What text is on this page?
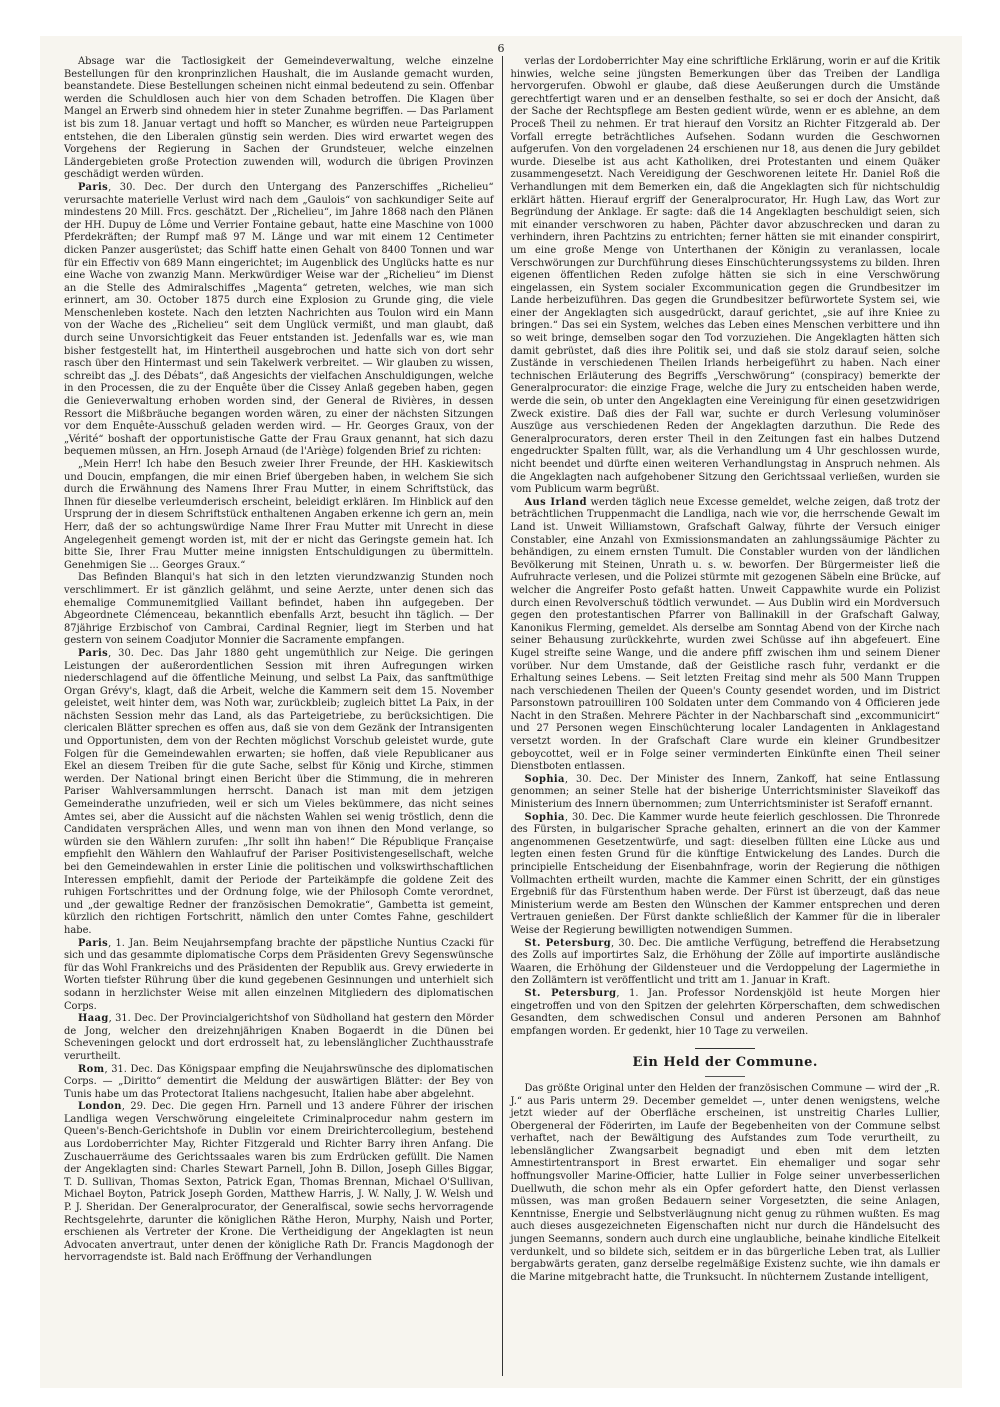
6

Absage war die Tactlosigkeit der Gemeindeverwaltung, welche einzelne Bestellungen für den kronprinzlichen Haushalt, die im Auslande gemacht wurden, beanstandete. Diese Bestellungen scheinen nicht einmal bedeutend zu sein. Offenbar werden die Schuldlosen auch hier von dem Schaden betroffen. Die Klagen über Mangel an Erwerb sind ohnedem hier in steter Zunahme begriffen. — Das Parlament ist bis zum 18. Januar vertagt und hofft so Mancher, es würden neue Parteigruppen entstehen, die den Liberalen günstig sein werden. Dies wird erwartet wegen des Vorgehens der Regierung in Sachen der Grundsteuer, welche einzelnen Ländergebieten große Protection zuwenden will, wodurch die übrigen Provinzen geschädigt werden würden.

Paris, 30. Dec. Der durch den Untergang des Panzerschiffes „Richelieu“ verursachte materielle Verlust wird nach dem „Gaulois“ von sachkundiger Seite auf mindestens 20 Mill. Frcs. geschätzt. Der „Richelieu“, im Jahre 1868 nach den Plänen der HH. Dupuy de Lôme und Verrier Fontaine gebaut, hatte eine Maschine von 1000 Pferdekräften; der Rumpf maß 97 M. Länge und war mit einem 12 Centimeter dicken Panzer ausgerüstet; das Schiff hatte einen Gehalt von 8400 Tonnen und war für ein Effectiv von 689 Mann eingerichtet; im Augenblick des Unglücks hatte es nur eine Wache von zwanzig Mann. Merkwürdiger Weise war der „Richelieu“ im Dienst an die Stelle des Admiralschiffes „Magenta“ getreten, welches, wie man sich erinnert, am 30. October 1875 durch eine Explosion zu Grunde ging, die viele Menschenleben kostete. Nach den letzten Nachrichten aus Toulon wird ein Mann von der Wache des „Richelieu“ seit dem Unglück vermißt, und man glaubt, daß durch seine Unvorsichtigkeit das Feuer entstanden ist. Jedenfalls war es, wie man bisher festgestellt hat, im Hintertheil ausgebrochen und hatte sich von dort sehr rasch über den Hintermast und sein Takelwerk verbreitet. — Wir glauben zu wissen, schreibt das „J. des Débats“, daß Angesichts der vielfachen Anschuldigungen, welche in den Processen, die zu der Enquête über die Cissey Anlaß gegeben haben, gegen die Genieverwaltung erhoben worden sind, der General de Rivières, in dessen Ressort die Mißbräuche begangen worden wären, zu einer der nächsten Sitzungen vor dem Enquête-Ausschuß geladen werden wird. — Hr. Georges Graux, von der „Vérité“ boshaft der opportunistische Gatte der Frau Graux genannt, hat sich dazu bequemen müssen, an Hrn. Joseph Arnaud (de l'Ariège) folgenden Brief zu richten:

„Mein Herr! Ich habe den Besuch zweier Ihrer Freunde, der HH. Kaskiewitsch und Doucin, empfangen, die mir einen Brief übergeben haben, in welchem Sie sich durch die Erwähnung des Namens Ihrer Frau Mutter, in einem Schriftstück, das Ihnen für dieselbe verleumderisch erscheint, beleidigt erklären. Im Hinblick auf den Ursprung der in diesem Schriftstück enthaltenen Angaben erkenne ich gern an, mein Herr, daß der so achtungswürdige Name Ihrer Frau Mutter mit Unrecht in diese Angelegenheit gemengt worden ist, mit der er nicht das Geringste gemein hat. Ich bitte Sie, Ihrer Frau Mutter meine innigsten Entschuldigungen zu übermitteln. Genehmigen Sie ... Georges Graux.“

Das Befinden Blanqui's hat sich in den letzten vierundzwanzig Stunden noch verschlimmert. Er ist gänzlich gelähmt, und seine Aerzte, unter denen sich das ehemalige Communemitglied Vaillant befindet, haben ihn aufgegeben. Der Abgeordnete Clémenceau, bekanntlich ebenfalls Arzt, besucht ihn täglich. — Der 87jährige Erzbischof von Cambrai, Cardinal Regnier, liegt im Sterben und hat gestern von seinem Coadjutor Monnier die Sacramente empfangen.

Paris, 30. Dec. Das Jahr 1880 geht ungemüthlich zur Neige. Die geringen Leistungen der außerordentlichen Session mit ihren Aufregungen wirken niederschlagend auf die öffentliche Meinung, und selbst La Paix, das sanftmüthige Organ Grévy's, klagt, daß die Arbeit, welche die Kammern seit dem 15. November geleistet, weit hinter dem, was Noth war, zurückbleib; zugleich bittet La Paix, in der nächsten Session mehr das Land, als das Parteigetriebe, zu berücksichtigen. Die clericalen Blätter sprechen es offen aus, daß sie von dem Gezänk der Intransigenten und Opportunisten, dem von der Rechten möglichst Vorschub geleistet wurde, gute Folgen für die Gemeindewahlen erwarten; sie hoffen, daß viele Republicaner aus Ekel an diesem Treiben für die gute Sache, selbst für König und Kirche, stimmen werden. Der National bringt einen Bericht über die Stimmung, die in mehreren Pariser Wahlversammlungen herrscht. Danach ist man mit dem jetzigen Gemeinderathe unzufrieden, weil er sich um Vieles bekümmere, das nicht seines Amtes sei, aber die Aussicht auf die nächsten Wahlen sei wenig tröstlich, denn die Candidaten versprächen Alles, und wenn man von ihnen den Mond verlange, so würden sie den Wählern zurufen: „Ihr sollt ihn haben!“ Die République Française empfiehlt den Wählern den Wahlaufruf der Pariser Positivistengesellschaft, welche bei den Gemeindewahlen in erster Linie die politischen und volkswirthschaftlichen Interessen empfiehlt, damit der Periode der Parteikämpfe die goldene Zeit des ruhigen Fortschrittes und der Ordnung folge, wie der Philosoph Comte verordnet, und „der gewaltige Redner der französischen Demokratie“, Gambetta ist gemeint, kürzlich den richtigen Fortschritt, nämlich den unter Comtes Fahne, geschildert habe.

Paris, 1. Jan. Beim Neujahrsempfang brachte der päpstliche Nuntius Czacki für sich und das gesammte diplomatische Corps dem Präsidenten Grevy Segenswünsche für das Wohl Frankreichs und des Präsidenten der Republik aus. Grevy erwiederte in Worten tiefster Rührung über die kund gegebenen Gesinnungen und unterhielt sich sodann in herzlichster Weise mit allen einzelnen Mitgliedern des diplomatischen Corps.

Haag, 31. Dec. Der Provincialgerichtshof von Südholland hat gestern den Mörder de Jong, welcher den dreizehnjährigen Knaben Bogaerdt in die Dünen bei Scheveningen gelockt und dort erdrosselt hat, zu lebenslänglicher Zuchthausstrafe verurtheilt.

Rom, 31. Dec. Das Königspaar empfing die Neujahrswünsche des diplomatischen Corps. — „Diritto“ dementirt die Meldung der auswärtigen Blätter: der Bey von Tunis habe um das Protectorat Italiens nachgesucht, Italien habe aber abgelehnt.

London, 29. Dec. Die gegen Hrn. Parnell und 13 andere Führer der irischen Landliga wegen Verschwörung eingeleitete Criminalprocedur nahm gestern im Queen's-Bench-Gerichtshofe in Dublin vor einem Dreirichtercollegium, bestehend aus Lordoberrichter May, Richter Fitzgerald und Richter Barry ihren Anfang. Die Zuschauerräume des Gerichtssaales waren bis zum Erdrücken gefüllt. Die Namen der Angeklagten sind: Charles Stewart Parnell, John B. Dillon, Joseph Gilles Biggar, T. D. Sullivan, Thomas Sexton, Patrick Egan, Thomas Brennan, Michael O'Sullivan, Michael Boyton, Patrick Joseph Gorden, Matthew Harris, J. W. Nally, J. W. Welsh und P. J. Sheridan. Der Generalprocurator, der Generalfiscal, sowie sechs hervorragende Rechtsgelehrte, darunter die königlichen Räthe Heron, Murphy, Naish und Porter, erschienen als Vertreter der Krone. Die Vertheidigung der Angeklagten ist neun Advocaten anvertraut, unter denen der königliche Rath Dr. Francis Magdonogh der hervorragendste ist. Bald nach Eröffnung der Verhandlungen

verlas der Lordoberrichter May eine schriftliche Erklärung, worin er auf die Kritik hinwies, welche seine jüngsten Bemerkungen über das Treiben der Landliga hervorgerufen. Obwohl er glaube, daß diese Aeußerungen durch die Umstände gerechtfertigt waren und er an denselben festhalte, so sei er doch der Ansicht, daß der Sache der Rechtspflege am Besten gedient würde, wenn er es ablehne, an dem Proceß Theil zu nehmen. Er trat hierauf den Vorsitz an Richter Fitzgerald ab. Der Vorfall erregte beträchtliches Aufsehen. Sodann wurden die Geschwornen aufgerufen. Von den vorgeladenen 24 erschienen nur 18, aus denen die Jury gebildet wurde. Dieselbe ist aus acht Katholiken, drei Protestanten und einem Quäker zusammengesetzt. Nach Vereidigung der Geschworenen leitete Hr. Daniel Roß die Verhandlungen mit dem Bemerken ein, daß die Angeklagten sich für nichtschuldig erklärt hätten. Hierauf ergriff der Generalprocurator, Hr. Hugh Law, das Wort zur Begründung der Anklage. Er sagte: daß die 14 Angeklagten beschuldigt seien, sich mit einander verschworen zu haben, Pächter davor abzuschrecken und daran zu verhindern, ihren Pachtzins zu entrichten; ferner hätten sie mit einander conspirirt, um eine große Menge von Unterthanen der Königin zu veranlassen, locale Verschwörungen zur Durchführung dieses Einschüchterungssystems zu bilden. Ihren eigenen öffentlichen Reden zufolge hätten sie sich in eine Verschwörung eingelassen, ein System socialer Excommunication gegen die Grundbesitzer im Lande herbeizuführen. Das gegen die Grundbesitzer befürwortete System sei, wie einer der Angeklagten sich ausgedrückt, darauf gerichtet, „sie auf ihre Kniee zu bringen.“ Das sei ein System, welches das Leben eines Menschen verbittere und ihn so weit bringe, demselben sogar den Tod vorzuziehen. Die Angeklagten hätten sich damit gebrüstet, daß dies ihre Politik sei, und daß sie stolz darauf seien, solche Zustände in verschiedenen Theilen Irlands herbeigeführt zu haben. Nach einer technischen Erläuterung des Begriffs „Verschwörung“ (conspiracy) bemerkte der Generalprocurator: die einzige Frage, welche die Jury zu entscheiden haben werde, werde die sein, ob unter den Angeklagten eine Vereinigung für einen gesetzwidrigen Zweck existire. Daß dies der Fall war, suchte er durch Verlesung voluminöser Auszüge aus verschiedenen Reden der Angeklagten darzuthun. Die Rede des Generalprocurators, deren erster Theil in den Zeitungen fast ein halbes Dutzend engedruckter Spalten füllt, war, als die Verhandlung um 4 Uhr geschlossen wurde, nicht beendet und dürfte einen weiteren Verhandlungstag in Anspruch nehmen. Als die Angeklagten nach aufgehobener Sitzung den Gerichtssaal verließen, wurden sie vom Publicum warm begrüßt.

Aus Irland werden täglich neue Excesse gemeldet, welche zeigen, daß trotz der beträchtlichen Truppenmacht die Landliga, nach wie vor, die herrschende Gewalt im Land ist. Unweit Williamstown, Grafschaft Galway, führte der Versuch einiger Constabler, eine Anzahl von Exmissionsmandaten an zahlungssäumige Pächter zu behändigen, zu einem ernsten Tumult. Die Constabler wurden von der ländlichen Bevölkerung mit Steinen, Unrath u. s. w. beworfen. Der Bürgermeister ließ die Aufruhracte verlesen, und die Polizei stürmte mit gezogenen Säbeln eine Brücke, auf welcher die Angreifer Posto gefaßt hatten. Unweit Cappawhite wurde ein Polizist durch einen Revolverschuß tödtlich verwundet. — Aus Dublin wird ein Mordversuch gegen den protestantischen Pfarrer von Ballinakill in der Grafschaft Galway, Kanonikus Flerming, gemeldet. Als derselbe am Sonntag Abend von der Kirche nach seiner Behausung zurückkehrte, wurden zwei Schüsse auf ihn abgefeuert. Eine Kugel streifte seine Wange, und die andere pfiff zwischen ihm und seinem Diener vorüber. Nur dem Umstande, daß der Geistliche rasch fuhr, verdankt er die Erhaltung seines Lebens. — Seit letzten Freitag sind mehr als 500 Mann Truppen nach verschiedenen Theilen der Queen's County gesendet worden, und im District Parsonstown patrouilliren 100 Soldaten unter dem Commando von 4 Officieren jede Nacht in den Straßen. Mehrere Pächter in der Nachbarschaft sind „excommunicirt“ und 27 Personen wegen Einschüchterung localer Landagenten in Anklagestand versetzt worden. In der Grafschaft Clare wurde ein kleiner Grundbesitzer geboycottet, weil er in Folge seiner verminderten Einkünfte einen Theil seiner Dienstboten entlassen.

Sophia, 30. Dec. Der Minister des Innern, Zankoff, hat seine Entlassung genommen; an seiner Stelle hat der bisherige Unterrichtsminister Slaveikoff das Ministerium des Innern übernommen; zum Unterrichtsminister ist Serafoff ernannt.

Sophia, 30. Dec. Die Kammer wurde heute feierlich geschlossen. Die Thronrede des Fürsten, in bulgarischer Sprache gehalten, erinnert an die von der Kammer angenommenen Gesetzentwürfe, und sagt: dieselben füllten eine Lücke aus und legten einen festen Grund für die künftige Entwickelung des Landes. Durch die principielle Entscheidung der Eisenbahnfrage, worin der Regierung die nöthigen Vollmachten ertheilt wurden, machte die Kammer einen Schritt, der ein günstiges Ergebniß für das Fürstenthum haben werde. Der Fürst ist überzeugt, daß das neue Ministerium werde am Besten den Wünschen der Kammer entsprechen und deren Vertrauen genießen. Der Fürst dankte schließlich der Kammer für die in liberaler Weise der Regierung bewilligten notwendigen Summen.

St. Petersburg, 30. Dec. Die amtliche Verfügung, betreffend die Herabsetzung des Zolls auf importirtes Salz, die Erhöhung der Zölle auf importirte ausländische Waaren, die Erhöhung der Gildensteuer und die Verdoppelung der Lagermiethe in den Zollämtern ist veröffentlicht und tritt am 1. Januar in Kraft.

St. Petersburg, 1. Jan. Professor Nordenskjöld ist heute Morgen hier eingetroffen und von den Spitzen der gelehrten Körperschaften, dem schwedischen Gesandten, dem schwedischen Consul und anderen Personen am Bahnhof empfangen worden. Er gedenkt, hier 10 Tage zu verweilen.

Ein Held der Commune.

Das größte Original unter den Helden der französischen Commune — wird der „R. J.“ aus Paris unterm 29. December gemeldet —, unter denen wenigstens, welche jetzt wieder auf der Oberfläche erscheinen, ist unstreitig Charles Lullier, Obergeneral der Föderirten, im Laufe der Begebenheiten von der Commune selbst verhaftet, nach der Bewältigung des Aufstandes zum Tode verurtheilt, zu lebenslänglicher Zwangsarbeit begnadigt und eben mit dem letzten Amnestirtentransport in Brest erwartet. Ein ehemaliger und sogar sehr hoffnungsvoller Marine-Officier, hatte Lullier in Folge seiner unverbesserlichen Duellwuth, die schon mehr als ein Opfer gefordert hatte, den Dienst verlassen müssen, was man großen Bedauern seiner Vorgesetzten, die seine Anlagen, Kenntnisse, Energie und Selbstverläugnung nicht genug zu rühmen wußten. Es mag auch dieses ausgezeichneten Eigenschaften nicht nur durch die Händelsucht des jungen Seemanns, sondern auch durch eine unglaubliche, beinahe kindliche Eitelkeit verdunkelt, und so bildete sich, seitdem er in das bürgerliche Leben trat, als Lullier bergabwärts geraten, ganz derselbe regelmäßige Existenz suchte, wie ihn damals er die Marine mitgebracht hatte, die Trunksucht. In nüchternem Zustande intelligent,
